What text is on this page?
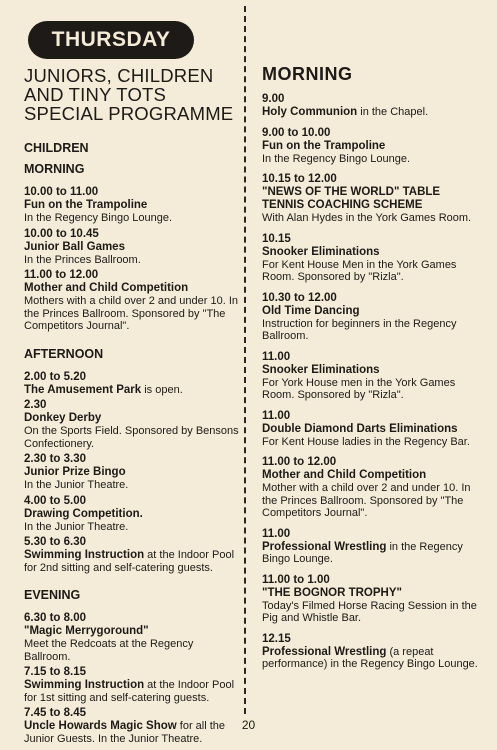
THURSDAY
JUNIORS, CHILDREN
AND TINY TOTS
SPECIAL PROGRAMME
CHILDREN
MORNING
10.00 to 11.00
Fun on the Trampoline
In the Regency Bingo Lounge.
10.00 to 10.45
Junior Ball Games
In the Princes Ballroom.
11.00 to 12.00
Mother and Child Competition
Mothers with a child over 2 and under 10. In the Princes Ballroom. Sponsored by "The Competitors Journal".
AFTERNOON
2.00 to 5.20
The Amusement Park is open.
2.30
Donkey Derby
On the Sports Field. Sponsored by Bensons Confectionery.
2.30 to 3.30
Junior Prize Bingo
In the Junior Theatre.
4.00 to 5.00
Drawing Competition.
In the Junior Theatre.
5.30 to 6.30
Swimming Instruction at the Indoor Pool for 2nd sitting and self-catering guests.
EVENING
6.30 to 8.00
"Magic Merrygoround"
Meet the Redcoats at the Regency Ballroom.
7.15 to 8.15
Swimming Instruction at the Indoor Pool for 1st sitting and self-catering guests.
7.45 to 8.45
Uncle Howards Magic Show for all the Junior Guests. In the Junior Theatre.
MORNING
9.00
Holy Communion in the Chapel.
9.00 to 10.00
Fun on the Trampoline
In the Regency Bingo Lounge.
10.15 to 12.00
"NEWS OF THE WORLD" TABLE TENNIS COACHING SCHEME
With Alan Hydes in the York Games Room.
10.15
Snooker Eliminations
For Kent House Men in the York Games Room. Sponsored by "Rizla".
10.30 to 12.00
Old Time Dancing
Instruction for beginners in the Regency Ballroom.
11.00
Snooker Eliminations
For York House men in the York Games Room. Sponsored by "Rizla".
11.00
Double Diamond Darts Eliminations
For Kent House ladies in the Regency Bar.
11.00 to 12.00
Mother and Child Competition
Mother with a child over 2 and under 10. In the Princes Ballroom. Sponsored by "The Competitors Journal".
11.00
Professional Wrestling in the Regency Bingo Lounge.
11.00 to 1.00
"THE BOGNOR TROPHY"
Today's Filmed Horse Racing Session in the Pig and Whistle Bar.
12.15
Professional Wrestling (a repeat performance) in the Regency Bingo Lounge.
20
